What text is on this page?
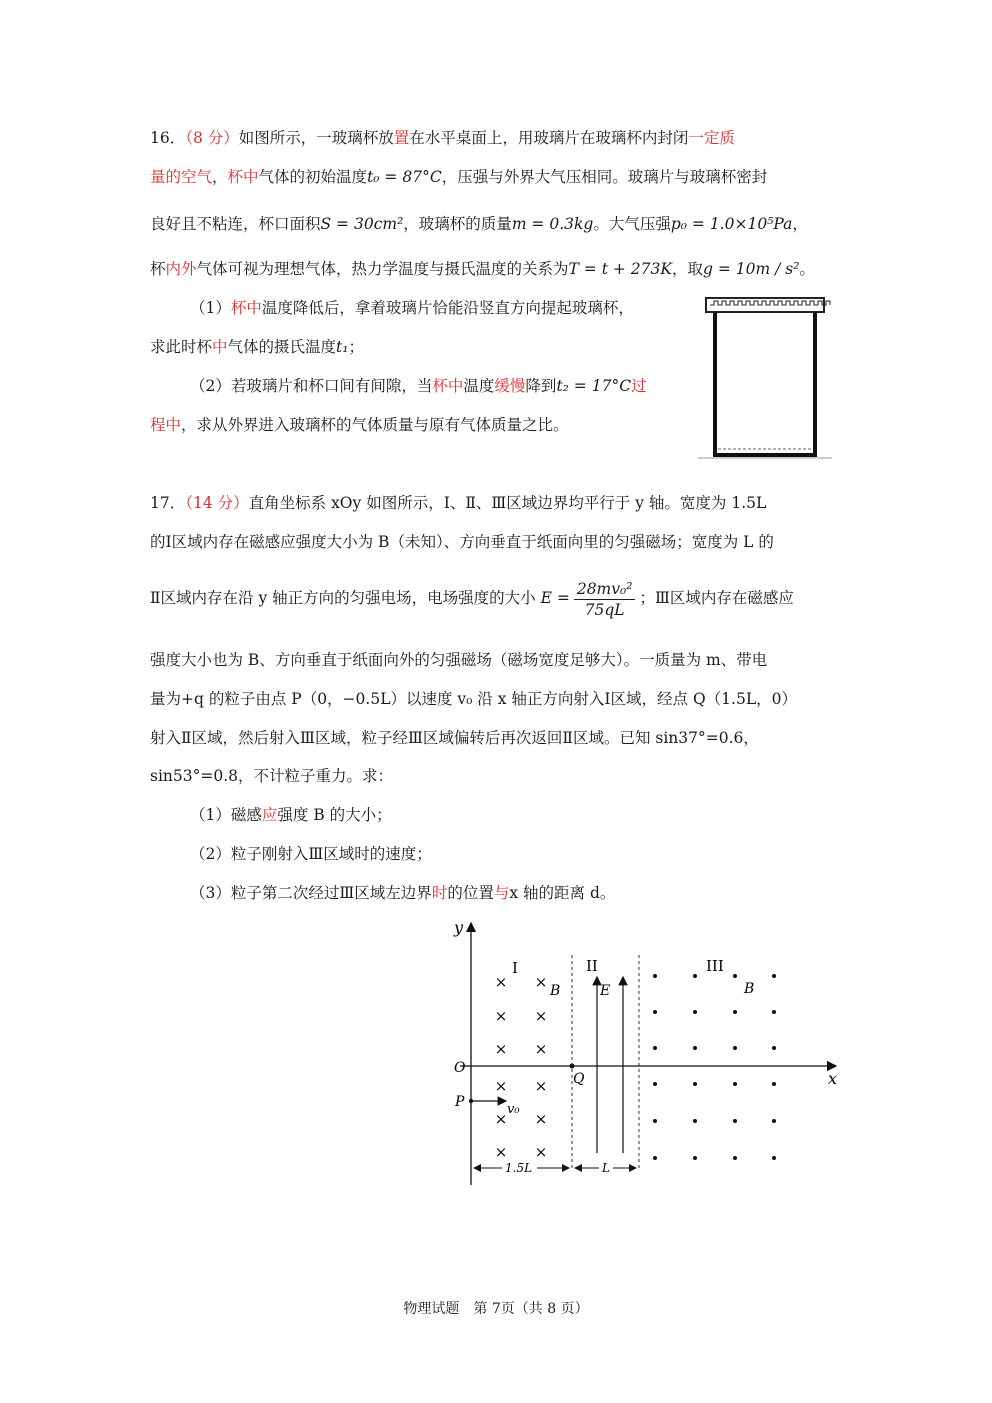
16．（8 分）如图所示，一玻璃杯放置在水平桌面上，用玻璃片在玻璃杯内封闭一定质
量的空气，杯中气体的初始温度t₀ = 87°C，压强与外界大气压相同。玻璃片与玻璃杯密封
良好且不粘连，杯口面积S = 30cm²，玻璃杯的质量m = 0.3kg。大气压强p₀ = 1.0×10⁵Pa，
杯内外气体可视为理想气体，热力学温度与摄氏温度的关系为T = t + 273K，取g = 10m / s²。
（1）杯中温度降低后，拿着玻璃片恰能沿竖直方向提起玻璃杯，
求此时杯中气体的摄氏温度t₁；
（2）若玻璃片和杯口间有间隙，当杯中温度缓慢降到t₂ = 17°C过
程中，求从外界进入玻璃杯的气体质量与原有气体质量之比。
17．（14 分）直角坐标系 xOy 如图所示，Ⅰ、Ⅱ、Ⅲ区域边界均平行于 y 轴。宽度为 1.5L
的Ⅰ区域内存在磁感应强度大小为 B（未知）、方向垂直于纸面向里的匀强磁场；宽度为 L 的
Ⅱ区域内存在沿 y 轴正方向的匀强电场，电场强度的大小 $E = \frac{\text{28mv₀²}}{75qL}$ ；Ⅲ区域内存在磁感应
强度大小也为 B、方向垂直于纸面向外的匀强磁场（磁场宽度足够大）。一质量为 m、带电
量为+q 的粒子由点 P（0，−0.5L）以速度 v₀ 沿 x 轴正方向射入Ⅰ区域，经点 Q（1.5L，0）
射入Ⅱ区域，然后射入Ⅲ区域，粒子经Ⅲ区域偏转后再次返回Ⅱ区域。已知 sin37°=0.6，
sin53°=0.8，不计粒子重力。求：
（1）磁感应强度 B 的大小；
（2）粒子刚射入Ⅲ区域时的速度；
（3）粒子第二次经过Ⅲ区域左边界时的位置与x 轴的距离 d。
y
x
O
P	v₀
Q
I	II	III
B	B
E
× ×
× ×
× ×
× ×
× ×
× ×
1.5L	L
物理试题　第 7页（共 8 页）
